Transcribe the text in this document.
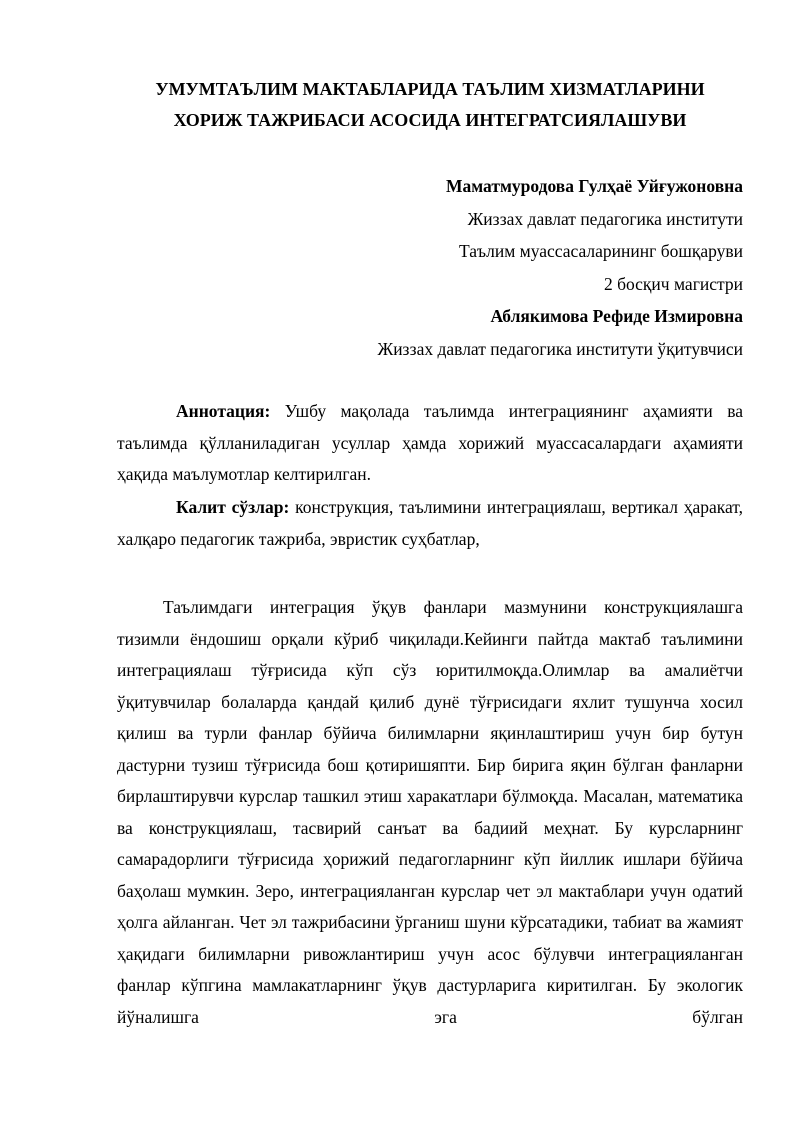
УМУМТАЪЛИМ МАКТАБЛАРИДА ТАЪЛИМ ХИЗМАТЛАРИНИ
ХОРИЖ ТАЖРИБАСИ АСОСИДА ИНТЕГРАТСИЯЛАШУВИ
Маматмуродова Гулҳаё Уйғужоновна
Жиззах давлат педагогика институти
Таълим муассасаларининг бошқаруви
2 босқич магистри
Аблякимова Рефиде Измировна
Жиззах давлат педагогика институти ўқитувчиси

Аннотация: Ушбу мақолада таълимда интеграциянинг аҳамияти ва таълимда қўлланиладиган усуллар ҳамда хорижий муассасалардаги аҳамияти ҳақида маълумотлар келтирилган.

Калит сўзлар: конструкция, таълимини интеграциялаш, вертикал ҳаракат, халқаро педагогик тажриба, эвристик суҳбатлар,

Таълимдаги интеграция ўқув фанлари мазмунини конструкциялашга тизимли ёндошиш орқали кўриб чиқилади.Кейинги пайтда мактаб таълимини интеграциялаш тўғрисида кўп сўз юритилмоқда.Олимлар ва амалиётчи ўқитувчилар болаларда қандай қилиб дунё тўғрисидаги яхлит тушунча хосил қилиш ва турли фанлар бўйича билимларни яқинлаштириш учун бир бутун дастурни тузиш тўғрисида бош қотиришяпти. Бир бирига яқин бўлган фанларни бирлаштирувчи курслар ташкил этиш харакатлари бўлмоқда. Масалан, математика ва конструкциялаш, тасвирий санъат ва бадиий меҳнат. Бу курсларнинг самарадорлиги тўғрисида ҳорижий педагогларнинг кўп йиллик ишлари бўйича баҳолаш мумкин. Зеро, интеграцияланган курслар чет эл мактаблари учун одатий ҳолга айланган. Чет эл тажрибасини ўрганиш шуни кўрсатадики, табиат ва жамият ҳақидаги билимларни ривожлантириш учун асос бўлувчи интеграцияланган фанлар кўпгина мамлакатларнинг ўқув дастурларига киритилган. Бу экологик йўналишга эга бўлган
